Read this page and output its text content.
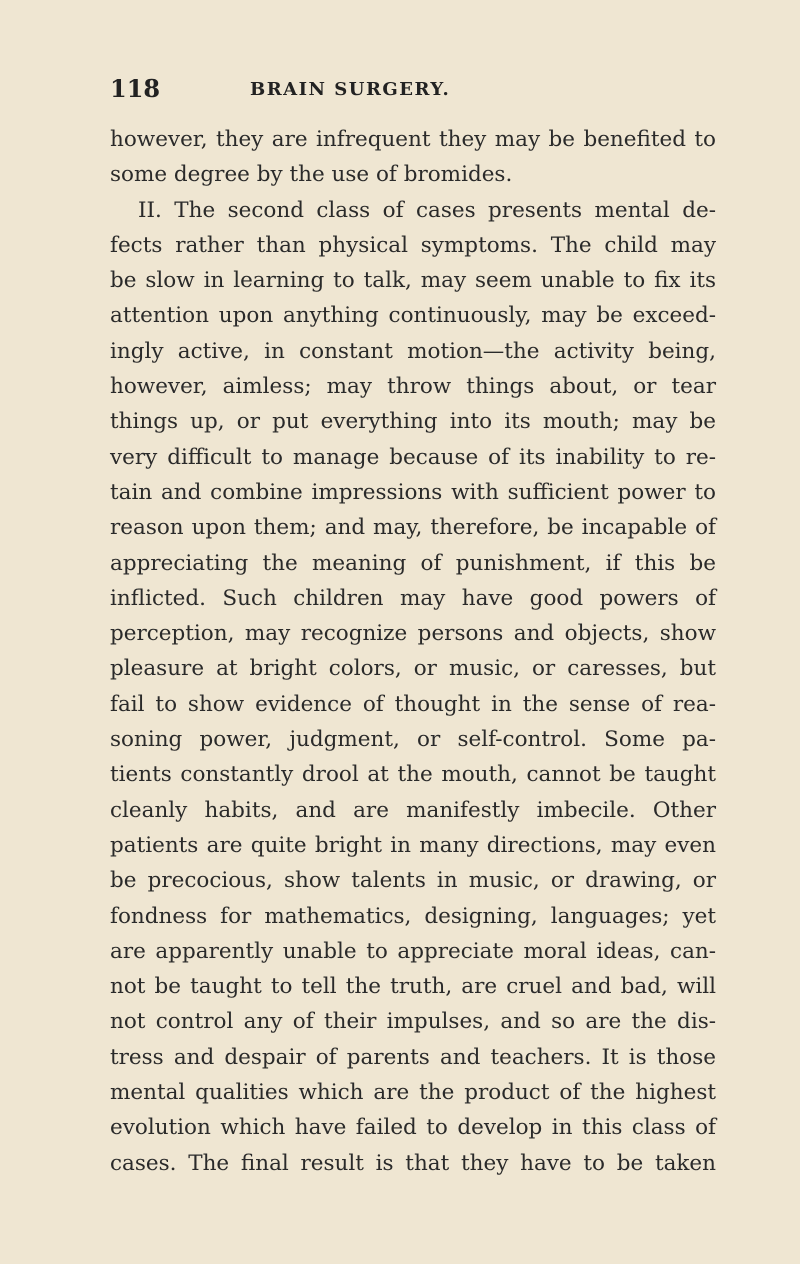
118	BRAIN SURGERY.
however, they are infrequent they may be benefited to
some degree by the use of bromides.
II. The second class of cases presents mental de-
fects rather than physical symptoms. The child may
be slow in learning to talk, may seem unable to fix its
attention upon anything continuously, may be exceed-
ingly active, in constant motion—the activity being,
however, aimless; may throw things about, or tear
things up, or put everything into its mouth; may be
very difficult to manage because of its inability to re-
tain and combine impressions with sufficient power to
reason upon them; and may, therefore, be incapable of
appreciating the meaning of punishment, if this be
inflicted. Such children may have good powers of
perception, may recognize persons and objects, show
pleasure at bright colors, or music, or caresses, but
fail to show evidence of thought in the sense of rea-
soning power, judgment, or self-control. Some pa-
tients constantly drool at the mouth, cannot be taught
cleanly habits, and are manifestly imbecile. Other
patients are quite bright in many directions, may even
be precocious, show talents in music, or drawing, or
fondness for mathematics, designing, languages; yet
are apparently unable to appreciate moral ideas, can-
not be taught to tell the truth, are cruel and bad, will
not control any of their impulses, and so are the dis-
tress and despair of parents and teachers. It is those
mental qualities which are the product of the highest
evolution which have failed to develop in this class of
cases. The final result is that they have to be taken
